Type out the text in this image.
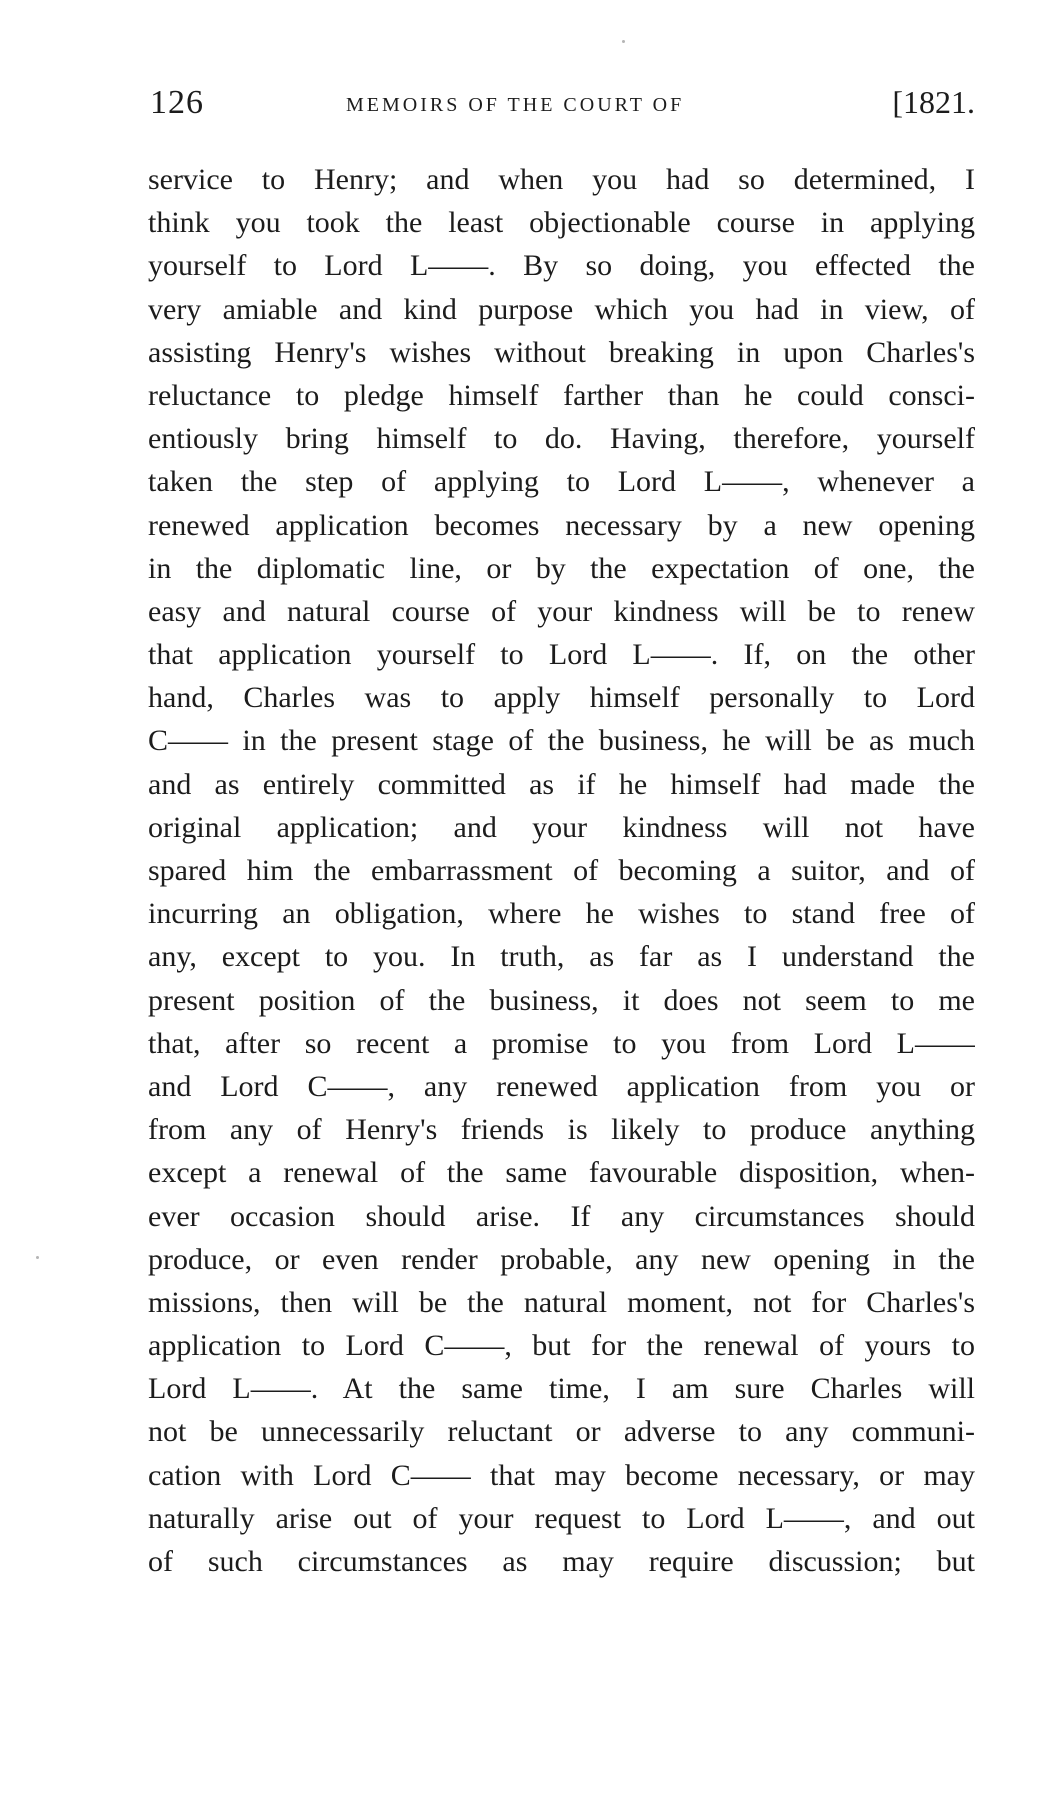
126	MEMOIRS OF THE COURT OF	[1821.
service to Henry; and when you had so determined, I
think you took the least objectionable course in applying
yourself to Lord L——. By so doing, you effected the
very amiable and kind purpose which you had in view, of
assisting Henry's wishes without breaking in upon Charles's
reluctance to pledge himself farther than he could consci-
entiously bring himself to do. Having, therefore, yourself
taken the step of applying to Lord L——, whenever a
renewed application becomes necessary by a new opening
in the diplomatic line, or by the expectation of one, the
easy and natural course of your kindness will be to renew
that application yourself to Lord L——. If, on the other
hand, Charles was to apply himself personally to Lord
C—— in the present stage of the business, he will be as much
and as entirely committed as if he himself had made the
original application; and your kindness will not have
spared him the embarrassment of becoming a suitor, and of
incurring an obligation, where he wishes to stand free of
any, except to you. In truth, as far as I understand the
present position of the business, it does not seem to me
that, after so recent a promise to you from Lord L——
and Lord C——, any renewed application from you or
from any of Henry's friends is likely to produce anything
except a renewal of the same favourable disposition, when-
ever occasion should arise. If any circumstances should
produce, or even render probable, any new opening in the
missions, then will be the natural moment, not for Charles's
application to Lord C——, but for the renewal of yours to
Lord L——. At the same time, I am sure Charles will
not be unnecessarily reluctant or adverse to any communi-
cation with Lord C—— that may become necessary, or may
naturally arise out of your request to Lord L——, and out
of such circumstances as may require discussion; but
